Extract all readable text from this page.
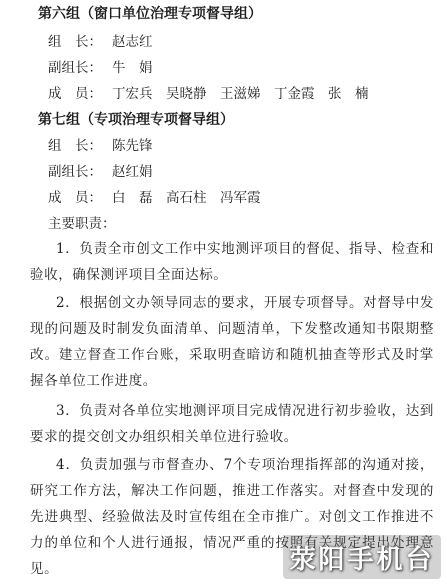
第六组（窗口单位治理专项督导组）
组　长： 赵志红
副组长： 牛　娟
成　员： 丁宏兵　吴晓静　王滋娣　丁金霞　张　楠
第七组（专项治理专项督导组）
组　长： 陈先锋
副组长： 赵红娟
成　员： 白　磊　高石柱　冯军霞
主要职责：
1．负责全市创文工作中实地测评项目的督促、指导、检查和验收，确保测评项目全面达标。
2．根据创文办领导同志的要求，开展专项督导。对督导中发现的问题及时制发负面清单、问题清单，下发整改通知书限期整改。建立督查工作台账，采取明查暗访和随机抽查等形式及时掌握各单位工作进度。
3．负责对各单位实地测评项目完成情况进行初步验收，达到要求的提交创文办组织相关单位进行验收。
4．负责加强与市督查办、7个专项治理指挥部的沟通对接，研究工作方法，解决工作问题，推进工作落实。对督查中发现的先进典型、经验做法及时宣传组在全市推广。对创文工作推进不力的单位和个人进行通报，情况严重的按照有关规定提出处理意见。	荥阳手机台
